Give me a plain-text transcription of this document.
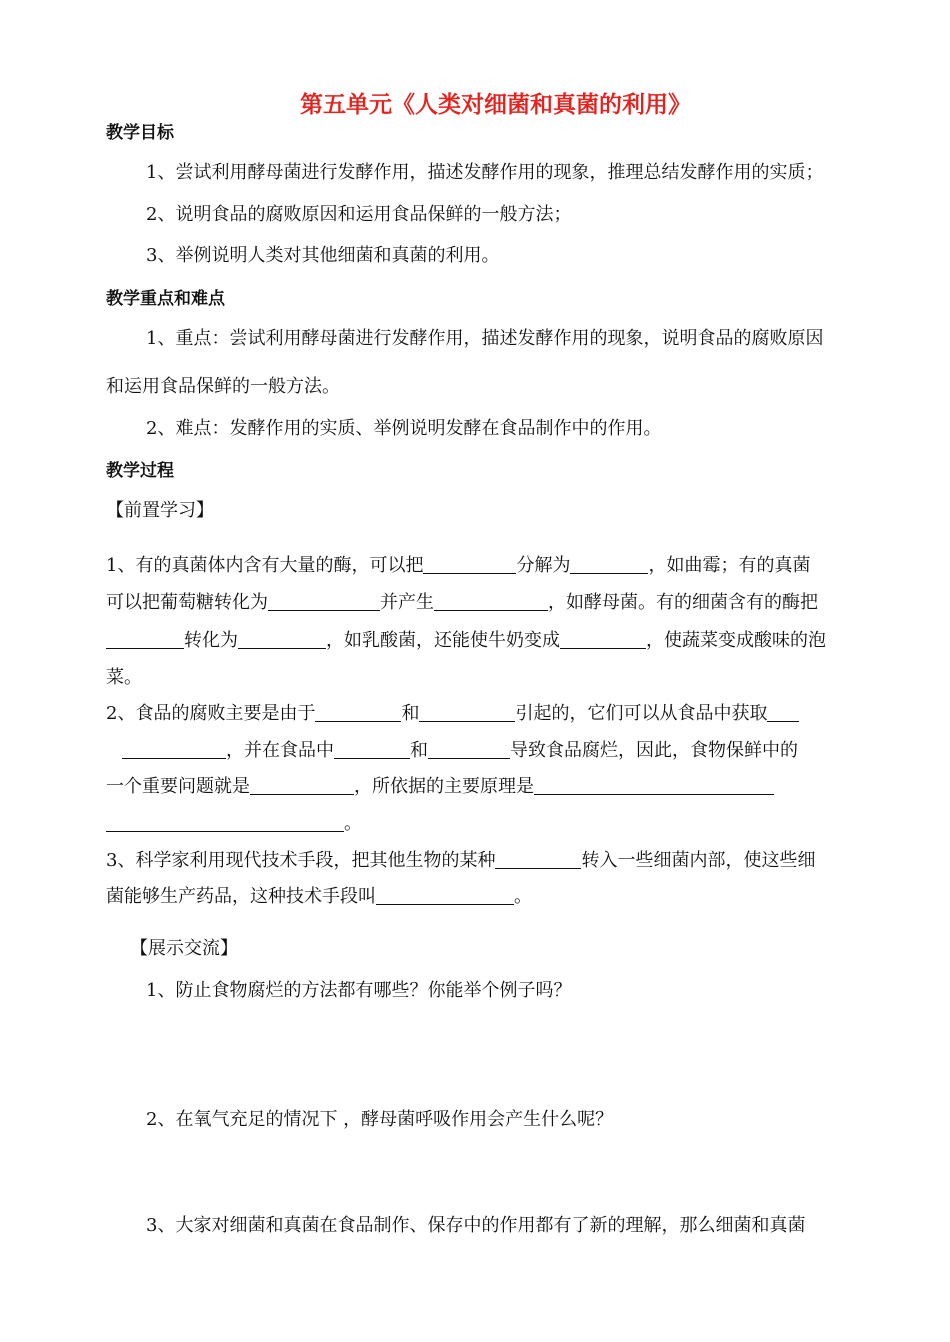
第五单元《人类对细菌和真菌的利用》
教学目标
1、尝试利用酵母菌进行发酵作用，描述发酵作用的现象，推理总结发酵作用的实质；
2、说明食品的腐败原因和运用食品保鲜的一般方法；
3、举例说明人类对其他细菌和真菌的利用。
教学重点和难点
1、重点：尝试利用酵母菌进行发酵作用，描述发酵作用的现象，说明食品的腐败原因
和运用食品保鲜的一般方法。
2、难点：发酵作用的实质、举例说明发酵在食品制作中的作用。
教学过程
【前置学习】
1、有的真菌体内含有大量的酶，可以把	分解为	，如曲霉；有的真菌
可以把葡萄糖转化为	并产生	，如酵母菌。有的细菌含有的酶把
转化为	，如乳酸菌，还能使牛奶变成	，使蔬菜变成酸味的泡
菜。
2、食品的腐败主要是由于	和	引起的，它们可以从食品中获取
，并在食品中	和	导致食品腐烂，因此，食物保鲜中的
一个重要问题就是	，所依据的主要原理是
。
3、科学家利用现代技术手段，把其他生物的某种	转入一些细菌内部，使这些细
菌能够生产药品，这种技术手段叫	。
【展示交流】
1、防止食物腐烂的方法都有哪些？你能举个例子吗？
2、在氧气充足的情况下 ，酵母菌呼吸作用会产生什么呢？
3、大家对细菌和真菌在食品制作、保存中的作用都有了新的理解，那么细菌和真菌
